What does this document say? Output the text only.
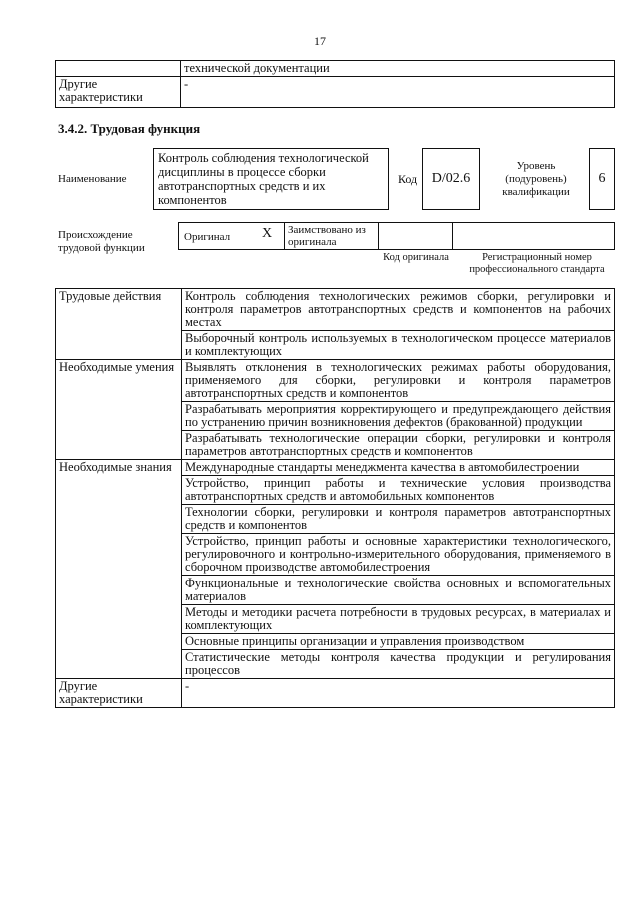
17
	технической документации
Другие характеристики	-
3.4.2. Трудовая функция
Наименование
Контроль соблюдения технологической дисциплины в процессе сборки автотранспортных средств и их компонентов
Код	D/02.6
Уровень (подуровень) квалификации
6
Происхождение трудовой функции
Оригинал X Заимствовано из оригинала
Код оригинала	Регистрационный номер профессионального стандарта
Трудовые действия	Контроль соблюдения технологических режимов сборки, регулировки и контроля параметров автотранспортных средств и компонентов на рабочих местах
	Выборочный контроль используемых в технологическом процессе материалов и комплектующих
Необходимые умения	Выявлять отклонения в технологических режимах работы оборудования, применяемого для сборки, регулировки и контроля параметров автотранспортных средств и компонентов
	Разрабатывать мероприятия корректирующего и предупреждающего действия по устранению причин возникновения дефектов (бракованной) продукции
	Разрабатывать технологические операции сборки, регулировки и контроля параметров автотранспортных средств и компонентов
Необходимые знания	Международные стандарты менеджмента качества в автомобилестроении
	Устройство, принцип работы и технические условия производства автотранспортных средств и автомобильных компонентов
	Технологии сборки, регулировки и контроля параметров автотранспортных средств и компонентов
	Устройство, принцип работы и основные характеристики технологического, регулировочного и контрольно-измерительного оборудования, применяемого в сборочном производстве автомобилестроения
	Функциональные и технологические свойства основных и вспомогательных материалов
	Методы и методики расчета потребности в трудовых ресурсах, в материалах и комплектующих
	Основные принципы организации и управления производством
	Статистические методы контроля качества продукции и регулирования процессов
Другие характеристики	-
